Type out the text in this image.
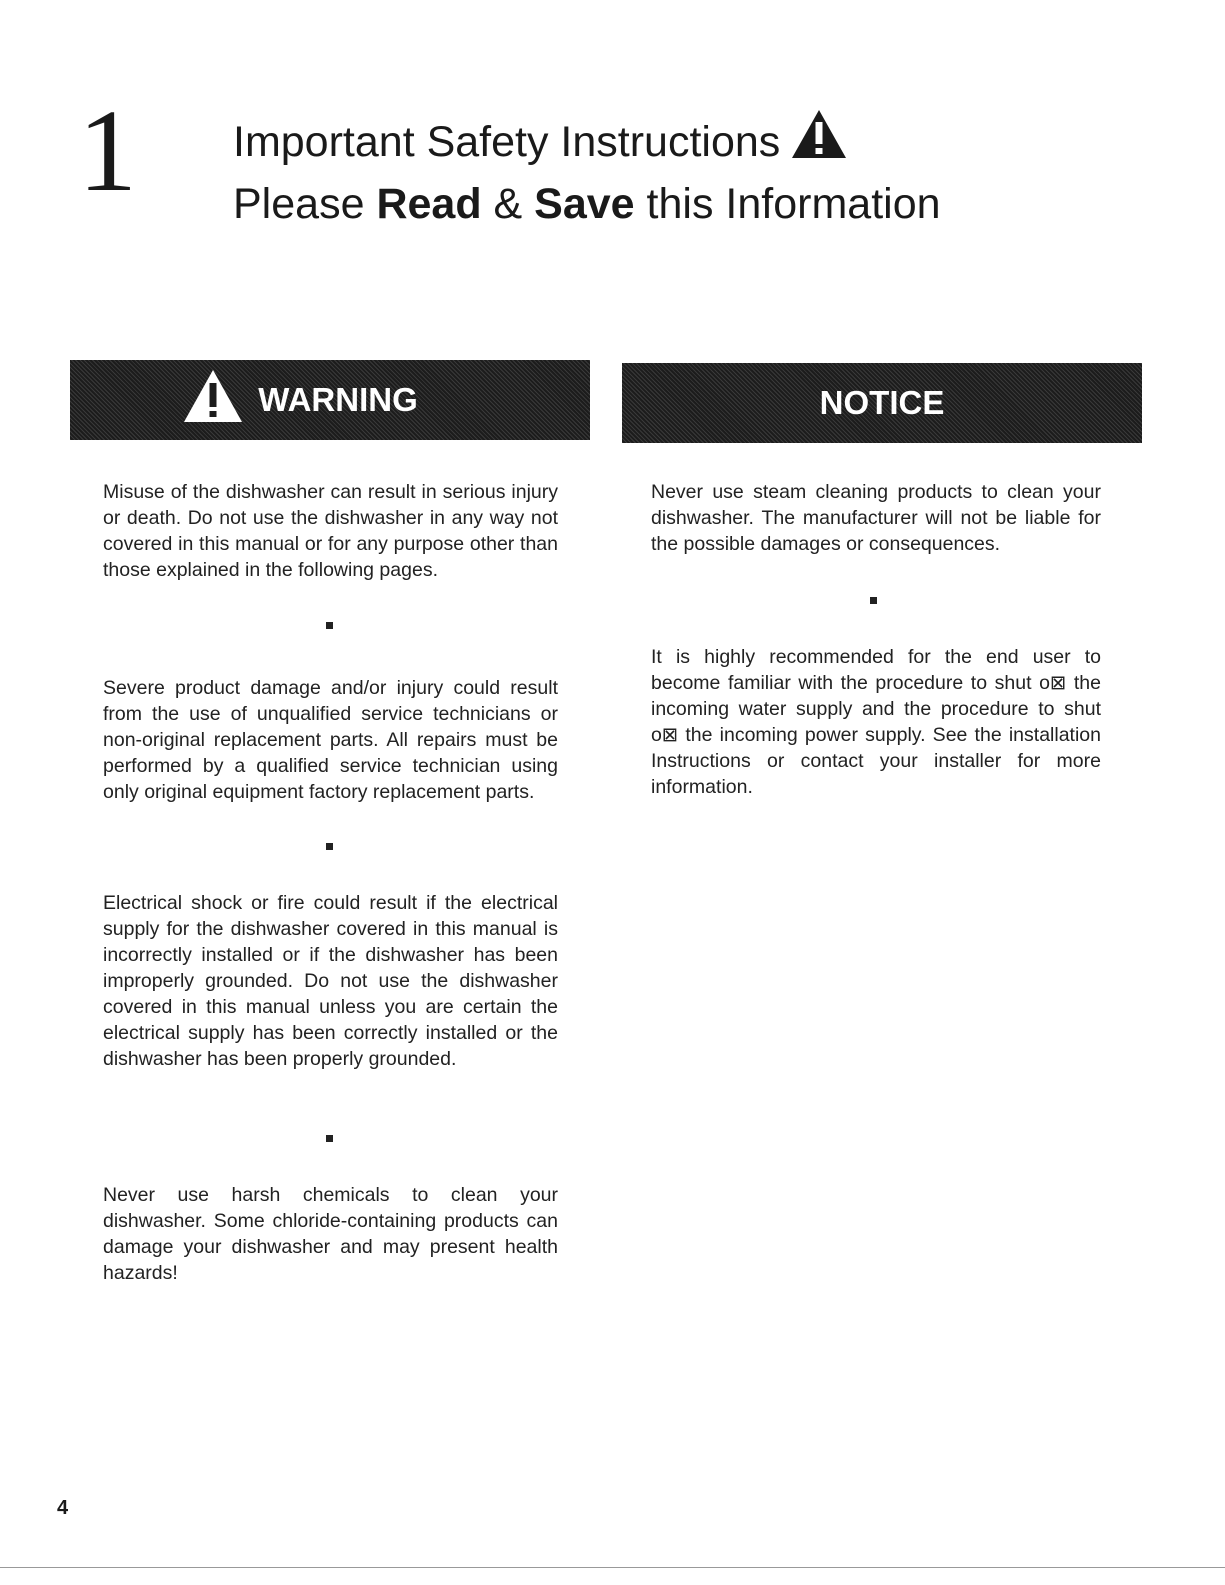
1 Important Safety Instructions
Please Read & Save this Information
WARNING	NOTICE

Misuse of the dishwasher can result in serious injury or death. Do not use the dishwasher in any way not covered in this manual or for any purpose other than those explained in the following pages.

Severe product damage and/or injury could result from the use of unqualified service technicians or non-original replacement parts. All repairs must be performed by a qualified service technician using only original equipment factory replacement parts.

Electrical shock or fire could result if the electrical supply for the dishwasher covered in this manual is incorrectly installed or if the dishwasher has been improperly grounded. Do not use the dishwasher covered in this manual unless you are certain the electrical supply has been correctly installed or the dishwasher has been properly grounded.

Never use harsh chemicals to clean your dishwasher. Some chloride-containing products can damage your dishwasher and may present health hazards!

Never use steam cleaning products to clean your dishwasher. The manufacturer will not be liable for the possible damages or consequences.

It is highly recommended for the end user to become familiar with the procedure to shut o⊠ the incoming water supply and the procedure to shut o⊠ the incoming power supply. See the installation Instructions or contact your installer for more information.

4
